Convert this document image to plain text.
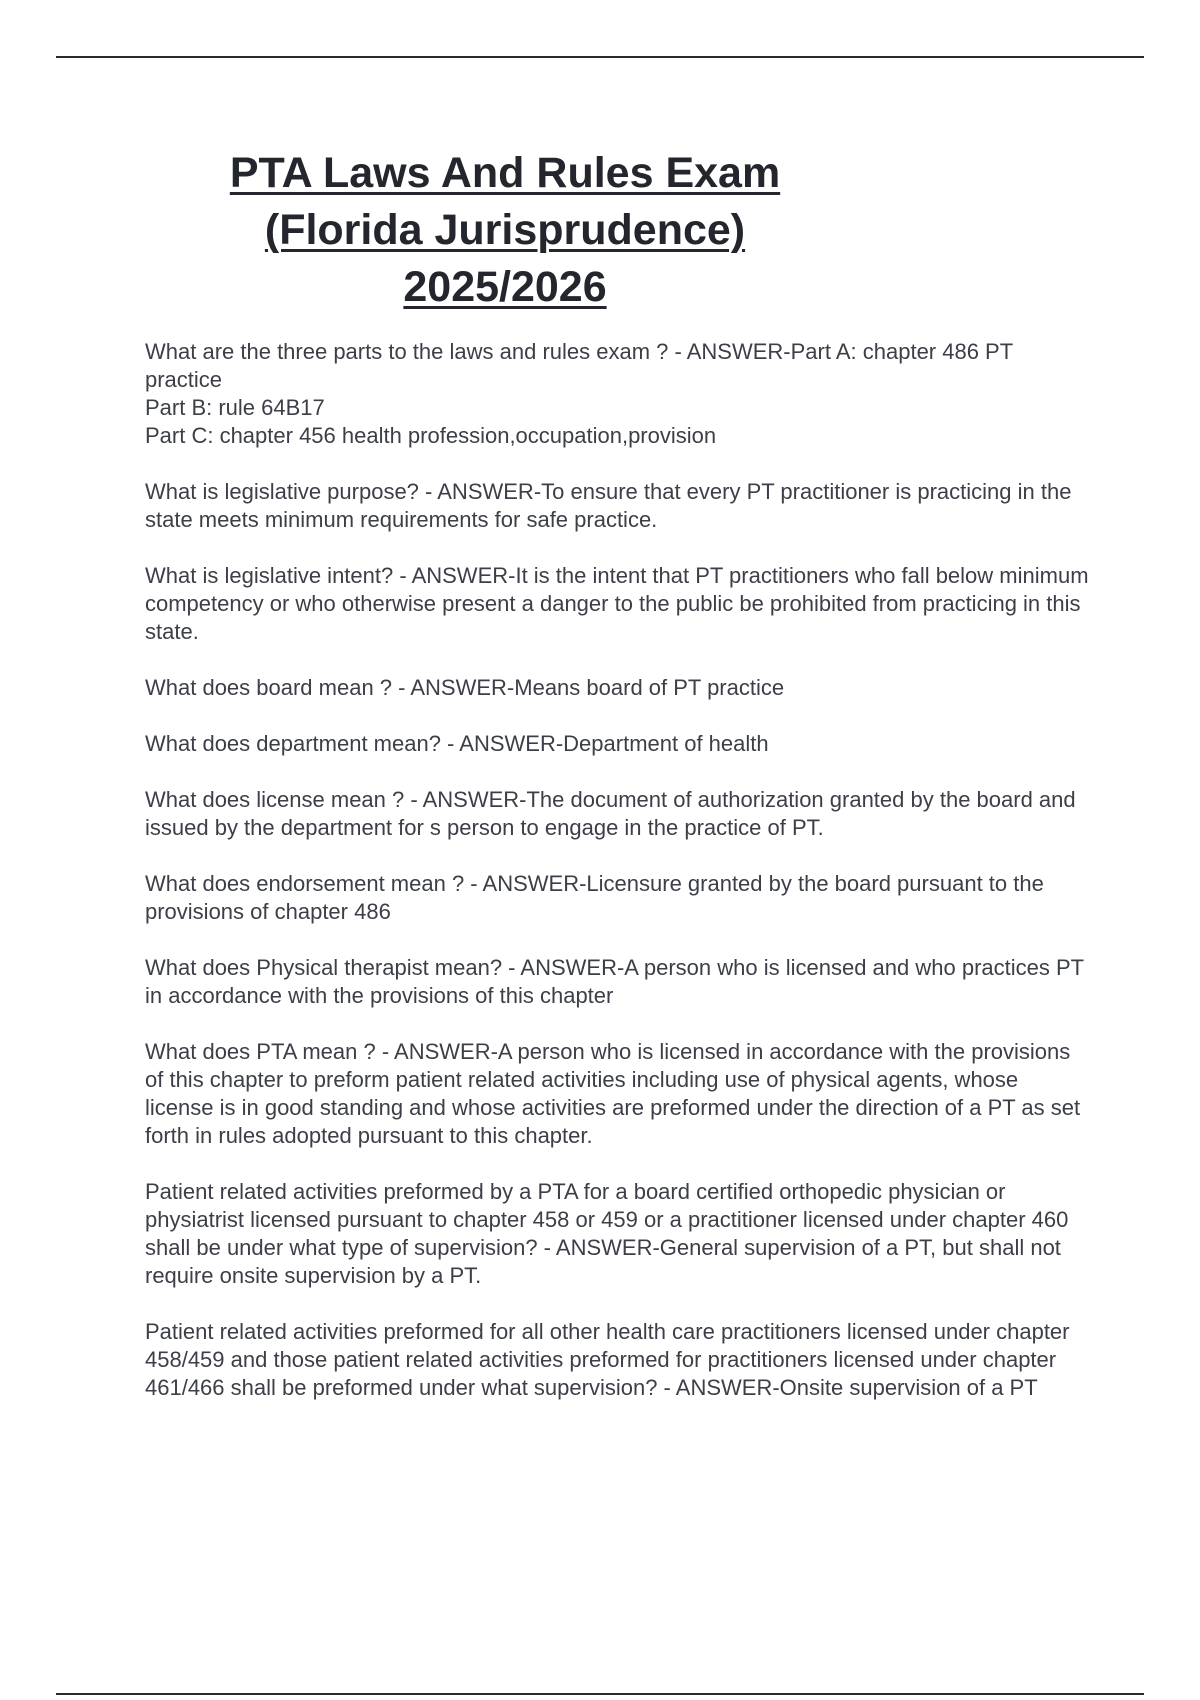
PTA Laws And Rules Exam
(Florida Jurisprudence)
2025/2026

What are the three parts to the laws and rules exam ? - ANSWER-Part A: chapter 486 PT practice

Part B: rule 64B17

Part C: chapter 456 health profession,occupation,provision

What is legislative purpose? - ANSWER-To ensure that every PT practitioner is practicing in the state meets minimum requirements for safe practice.

What is legislative intent? - ANSWER-It is the intent that PT practitioners who fall below minimum competency or who otherwise present a danger to the public be prohibited from practicing in this state.

What does board mean ? - ANSWER-Means board of PT practice

What does department mean? - ANSWER-Department of health

What does license mean ? - ANSWER-The document of authorization granted by the board and issued by the department for s person to engage in the practice of PT.

What does endorsement mean ? - ANSWER-Licensure granted by the board pursuant to the provisions of chapter 486

What does Physical therapist mean? - ANSWER-A person who is licensed and who practices PT in accordance with the provisions of this chapter

What does PTA mean ? - ANSWER-A person who is licensed in accordance with the provisions of this chapter to preform patient related activities including use of physical agents, whose license is in good standing and whose activities are preformed under the direction of a PT as set forth in rules adopted pursuant to this chapter.

Patient related activities preformed by a PTA for a board certified orthopedic physician or physiatrist licensed pursuant to chapter 458 or 459 or a practitioner licensed under chapter 460 shall be under what type of supervision? - ANSWER-General supervision of a PT, but shall not require onsite supervision by a PT.

Patient related activities preformed for all other health care practitioners licensed under chapter 458/459 and those patient related activities preformed for practitioners licensed under chapter 461/466 shall be preformed under what supervision? - ANSWER-Onsite supervision of a PT
